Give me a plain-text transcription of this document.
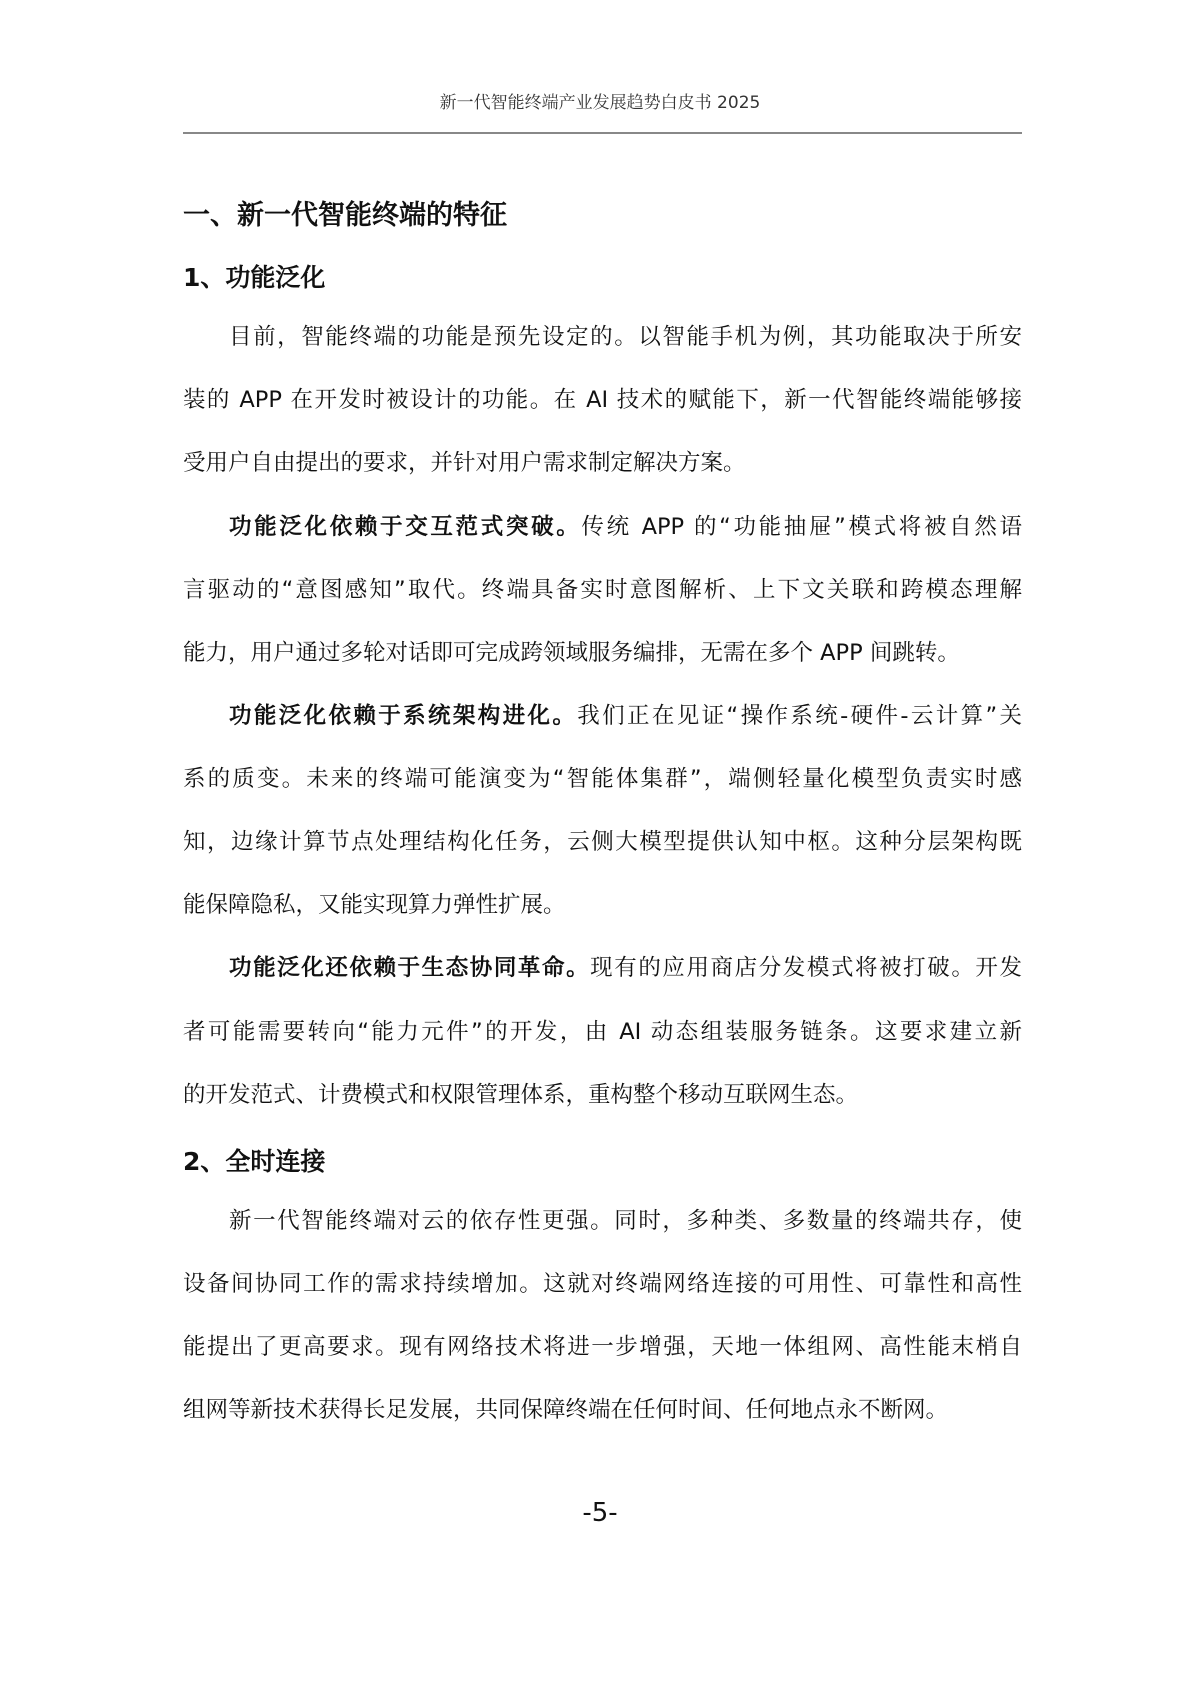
新一代智能终端产业发展趋势白皮书 2025
一、新一代智能终端的特征
1、功能泛化
2、全时连接
目前，智能终端的功能是预先设定的。以智能手机为例，其功能取决于所安
装的 APP 在开发时被设计的功能。在 AI 技术的赋能下，新一代智能终端能够接
受用户自由提出的要求，并针对用户需求制定解决方案。
功能泛化依赖于交互范式突破。传统 APP 的“功能抽屉”模式将被自然语
言驱动的“意图感知”取代。终端具备实时意图解析、上下文关联和跨模态理解
能力，用户通过多轮对话即可完成跨领域服务编排，无需在多个 APP 间跳转。
功能泛化依赖于系统架构进化。我们正在见证“操作系统-硬件-云计算”关
系的质变。未来的终端可能演变为“智能体集群”，端侧轻量化模型负责实时感
知，边缘计算节点处理结构化任务，云侧大模型提供认知中枢。这种分层架构既
能保障隐私，又能实现算力弹性扩展。
功能泛化还依赖于生态协同革命。现有的应用商店分发模式将被打破。开发
者可能需要转向“能力元件”的开发，由 AI 动态组装服务链条。这要求建立新
的开发范式、计费模式和权限管理体系，重构整个移动互联网生态。
新一代智能终端对云的依存性更强。同时，多种类、多数量的终端共存，使
设备间协同工作的需求持续增加。这就对终端网络连接的可用性、可靠性和高性
能提出了更高要求。现有网络技术将进一步增强，天地一体组网、高性能末梢自
组网等新技术获得长足发展，共同保障终端在任何时间、任何地点永不断网。
-5-
